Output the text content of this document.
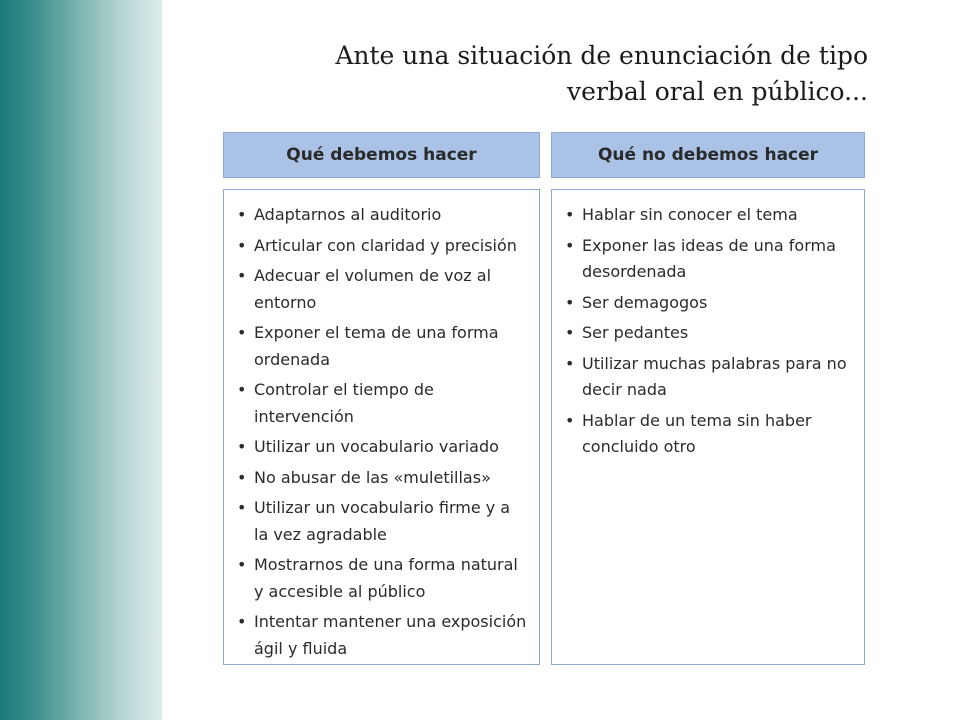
Ante una situación de enunciación de tipo
verbal oral en público...
Qué debemos hacer	Qué no debemos hacer
• Adaptarnos al auditorio
• Articular con claridad y precisión
• Adecuar el volumen de voz al entorno
• Exponer el tema de una forma ordenada
• Controlar el tiempo de intervención
• Utilizar un vocabulario variado
• No abusar de las «muletillas»
• Utilizar un vocabulario firme y a la vez agradable
• Mostrarnos de una forma natural y accesible al público
• Intentar mantener una exposición ágil y fluida
• Hablar sin conocer el tema
• Exponer las ideas de una forma desordenada
• Ser demagogos
• Ser pedantes
• Utilizar muchas palabras para no decir nada
• Hablar de un tema sin haber concluido otro
